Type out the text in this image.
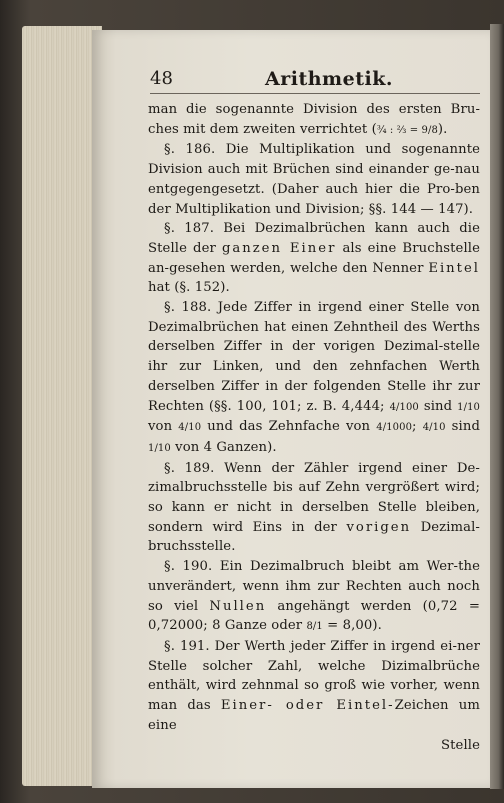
48	Arithmetik.

man die sogenannte Division des ersten Bru- ches mit dem zweiten verrichtet (¾ : ⅔ = 9/8).

§. 186. Die Multiplikation und sogenannte Division auch mit Brüchen sind einander ge-nau entgegengesetzt. (Daher auch hier die Pro-ben der Multiplikation und Division; §§. 144 — 147).

§. 187. Bei Dezimalbrüchen kann auch die Stelle der ganzen Einer als eine Bruchstelle an-gesehen werden, welche den Nenner Eintel hat (§. 152).

§. 188. Jede Ziffer in irgend einer Stelle von Dezimalbrüchen hat einen Zehntheil des Werths derselben Ziffer in der vorigen Dezimal-stelle ihr zur Linken, und den zehnfachen Werth derselben Ziffer in der folgenden Stelle ihr zur Rechten (§§. 100, 101; z. B. 4,444; 4/100 sind 1/10 von 4/10 und das Zehnfache von 4/1000; 4/10 sind 1/10 von 4 Ganzen).

§. 189. Wenn der Zähler irgend einer De-zimalbruchsstelle bis auf Zehn vergrößert wird; so kann er nicht in derselben Stelle bleiben, sondern wird Eins in der vorigen Dezimal-bruchsstelle.

§. 190. Ein Dezimalbruch bleibt am Wer-the unverändert, wenn ihm zur Rechten auch noch so viel Nullen angehängt werden (0,72 = 0,72000; 8 Ganze oder 8/1 = 8,00).

§. 191. Der Werth jeder Ziffer in irgend ei-ner Stelle solcher Zahl, welche Dizimalbrüche enthält, wird zehnmal so groß wie vorher, wenn man das Einer- oder Eintel-Zeichen um eine

Stelle
